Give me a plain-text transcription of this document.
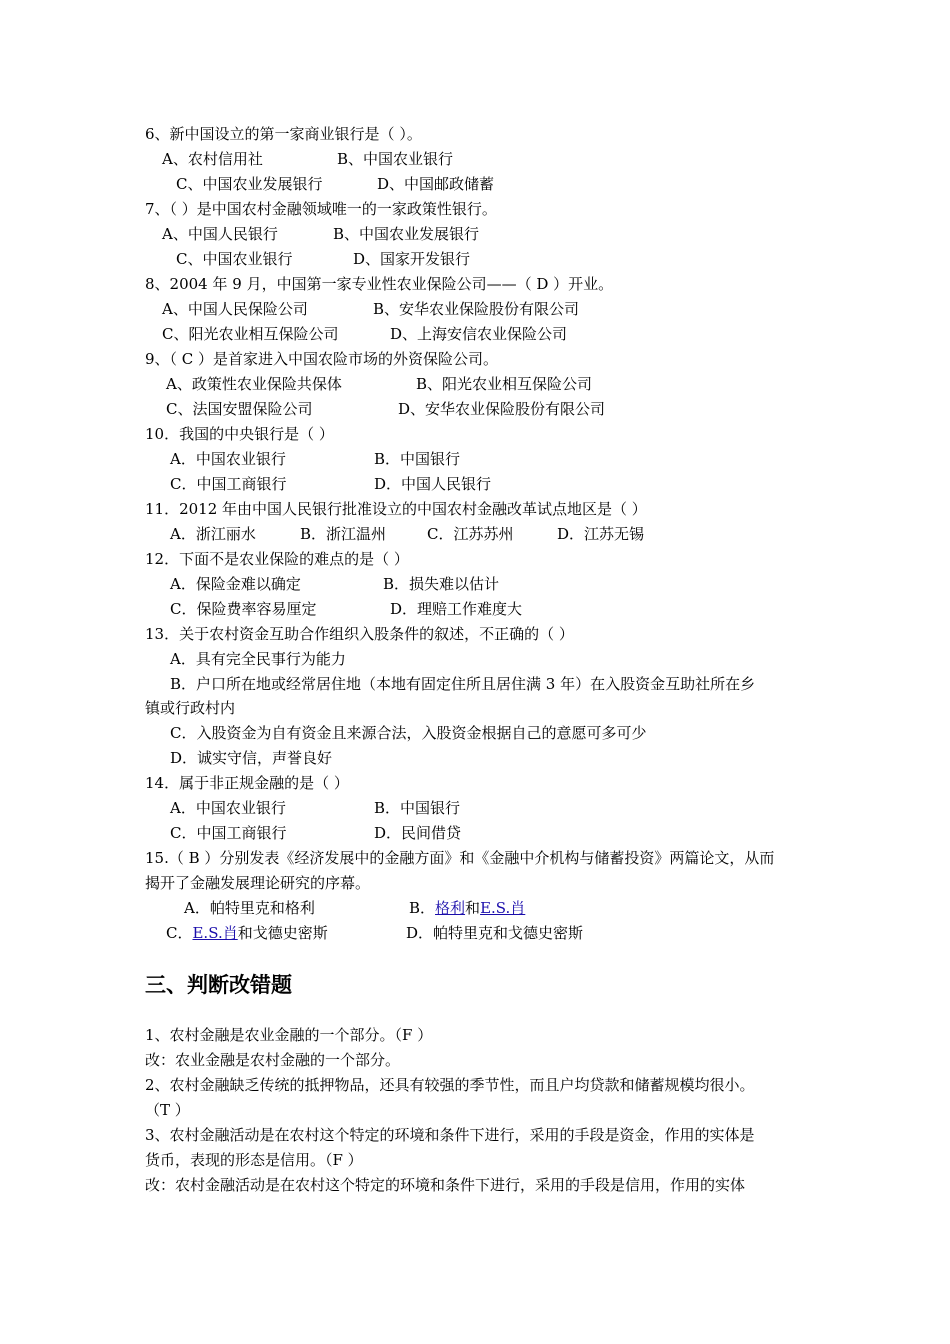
6、新中国设立的第一家商业银行是（ ）。
A、农村信用社	B、中国农业银行
C、中国农业发展银行	D、中国邮政储蓄
7、（ ）是中国农村金融领域唯一的一家政策性银行。
A、中国人民银行	B、中国农业发展银行
C、中国农业银行	D、国家开发银行
8、2004 年 9 月，中国第一家专业性农业保险公司——（ D ）开业。
A、中国人民保险公司	B、安华农业保险股份有限公司
C、阳光农业相互保险公司	D、上海安信农业保险公司
9、（ C ）是首家进入中国农险市场的外资保险公司。
A、政策性农业保险共保体	B、阳光农业相互保险公司
C、法国安盟保险公司	D、安华农业保险股份有限公司
10．我国的中央银行是（ ）
A．中国农业银行	B．中国银行
C．中国工商银行	D．中国人民银行
11．2012 年由中国人民银行批准设立的中国农村金融改革试点地区是（ ）
A．浙江丽水	B．浙江温州	C．江苏苏州	D．江苏无锡
12．下面不是农业保险的难点的是（ ）
A．保险金难以确定	B．损失难以估计
C．保险费率容易厘定	D．理赔工作难度大
13．关于农村资金互助合作组织入股条件的叙述，不正确的（ ）
A．具有完全民事行为能力
B．户口所在地或经常居住地（本地有固定住所且居住满 3 年）在入股资金互助社所在乡
镇或行政村内
C．入股资金为自有资金且来源合法，入股资金根据自己的意愿可多可少
D．诚实守信，声誉良好
14．属于非正规金融的是（ ）
A．中国农业银行	B．中国银行
C．中国工商银行	D．民间借贷
15.（ B ）分别发表《经济发展中的金融方面》和《金融中介机构与储蓄投资》两篇论文，从而
揭开了金融发展理论研究的序幕。
A．帕特里克和格利	B．格利和E.S.肖
C．E.S.肖和戈德史密斯	D．帕特里克和戈德史密斯
三、判断改错题
1、农村金融是农业金融的一个部分。（F ）
改：农业金融是农村金融的一个部分。
2、农村金融缺乏传统的抵押物品，还具有较强的季节性，而且户均贷款和储蓄规模均很小。
（T ）
3、农村金融活动是在农村这个特定的环境和条件下进行，采用的手段是资金，作用的实体是
货币，表现的形态是信用。（F ）
改：农村金融活动是在农村这个特定的环境和条件下进行，采用的手段是信用，作用的实体
